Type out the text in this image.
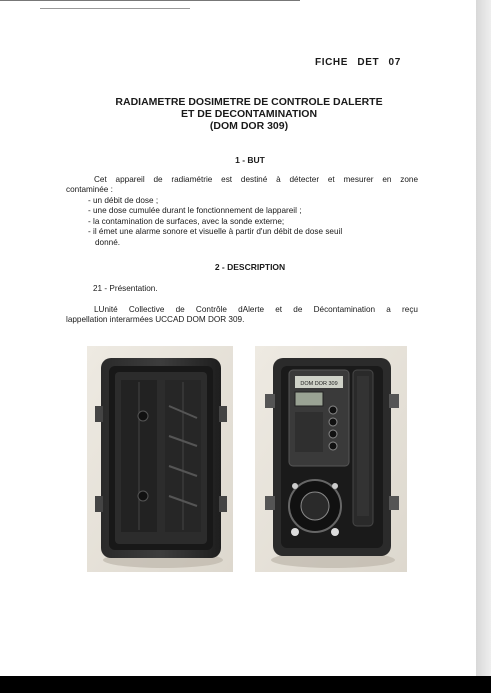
FICHE DET 07
RADIAMETRE DOSIMETRE DE CONTROLE DALERTE
ET DE DECONTAMINATION
(DOM DOR 309)
1 - BUT
Cet appareil de radiamétrie est destiné à détecter et mesurer en zone
contaminée :
- un débit de dose ;
- une dose cumulée durant le fonctionnement de lappareil ;
- la contamination de surfaces, avec la sonde externe;
- il émet une alarme sonore et visuelle à partir d'un débit de dose seuil
donné.
2 - DESCRIPTION
21 - Présentation.
LUnité Collective de Contrôle dAlerte et de Décontamination a reçu
lappellation interarmées UCCAD DOM DOR 309.
DOM DOR 309
